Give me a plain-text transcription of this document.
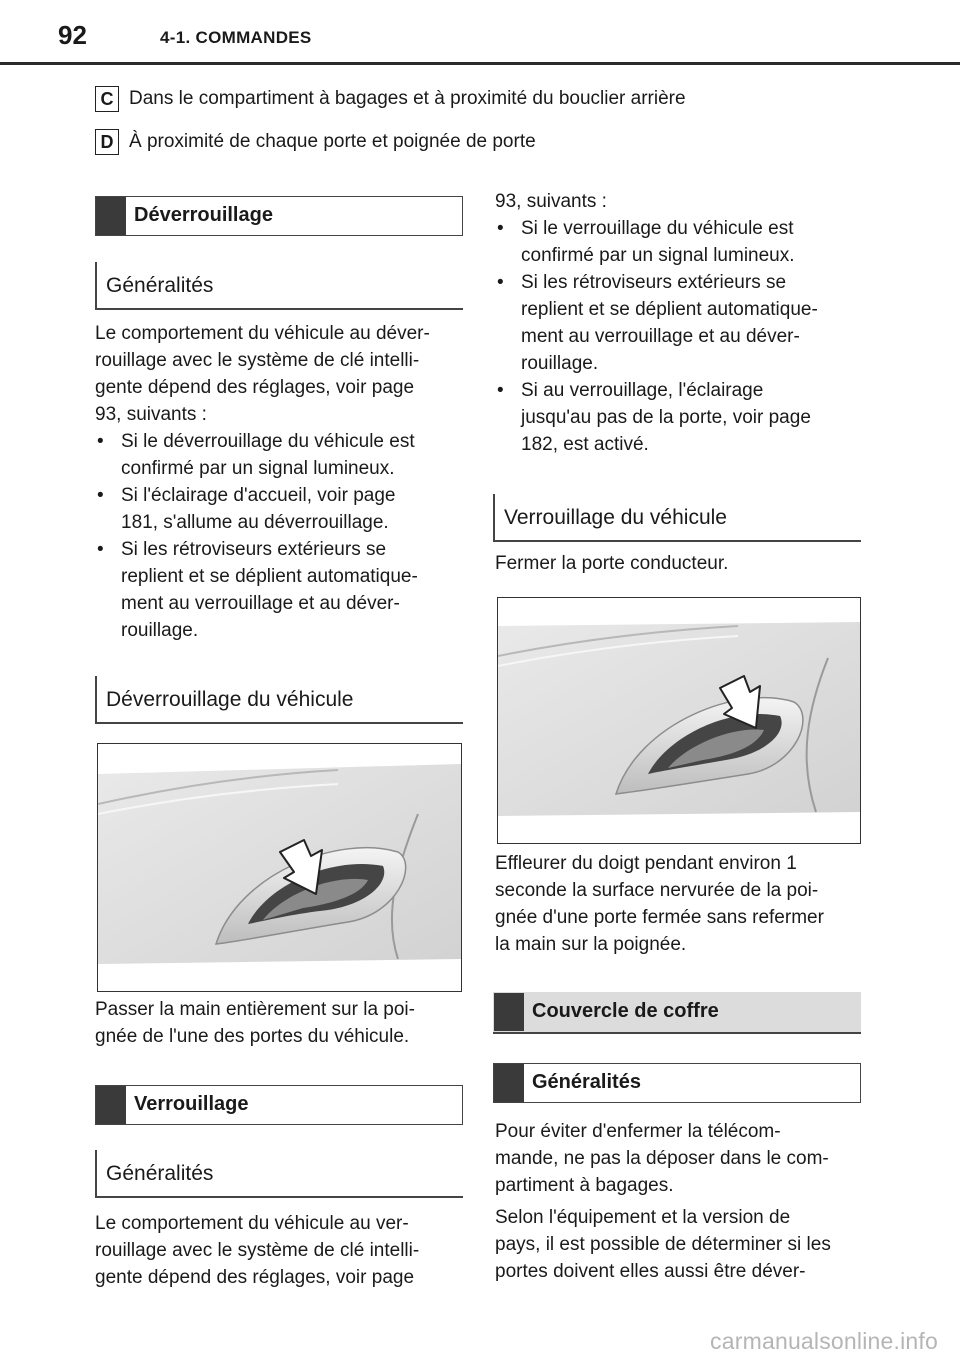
92	4-1. COMMANDES
C Dans le compartiment à bagages et à proximité du bouclier arrière
D À proximité de chaque porte et poignée de porte
Déverrouillage
Généralités
Le comportement du véhicule au déver-
rouillage avec le système de clé intelli-
gente dépend des réglages, voir page
93, suivants :
• Si le déverrouillage du véhicule est
confirmé par un signal lumineux.
• Si l'éclairage d'accueil, voir page
181, s'allume au déverrouillage.
• Si les rétroviseurs extérieurs se
replient et se déplient automatique-
ment au verrouillage et au déver-
rouillage.
Déverrouillage du véhicule
Passer la main entièrement sur la poi-
gnée de l'une des portes du véhicule.
Verrouillage
Généralités
Le comportement du véhicule au ver-
rouillage avec le système de clé intelli-
gente dépend des réglages, voir page
93, suivants :
• Si le verrouillage du véhicule est
confirmé par un signal lumineux.
• Si les rétroviseurs extérieurs se
replient et se déplient automatique-
ment au verrouillage et au déver-
rouillage.
• Si au verrouillage, l'éclairage
jusqu'au pas de la porte, voir page
182, est activé.
Verrouillage du véhicule
Fermer la porte conducteur.
Effleurer du doigt pendant environ 1
seconde la surface nervurée de la poi-
gnée d'une porte fermée sans refermer
la main sur la poignée.
Couvercle de coffre
Généralités
Pour éviter d'enfermer la télécom-
mande, ne pas la déposer dans le com-
partiment à bagages.
Selon l'équipement et la version de
pays, il est possible de déterminer si les
portes doivent elles aussi être déver-
carmanualsonline.info
